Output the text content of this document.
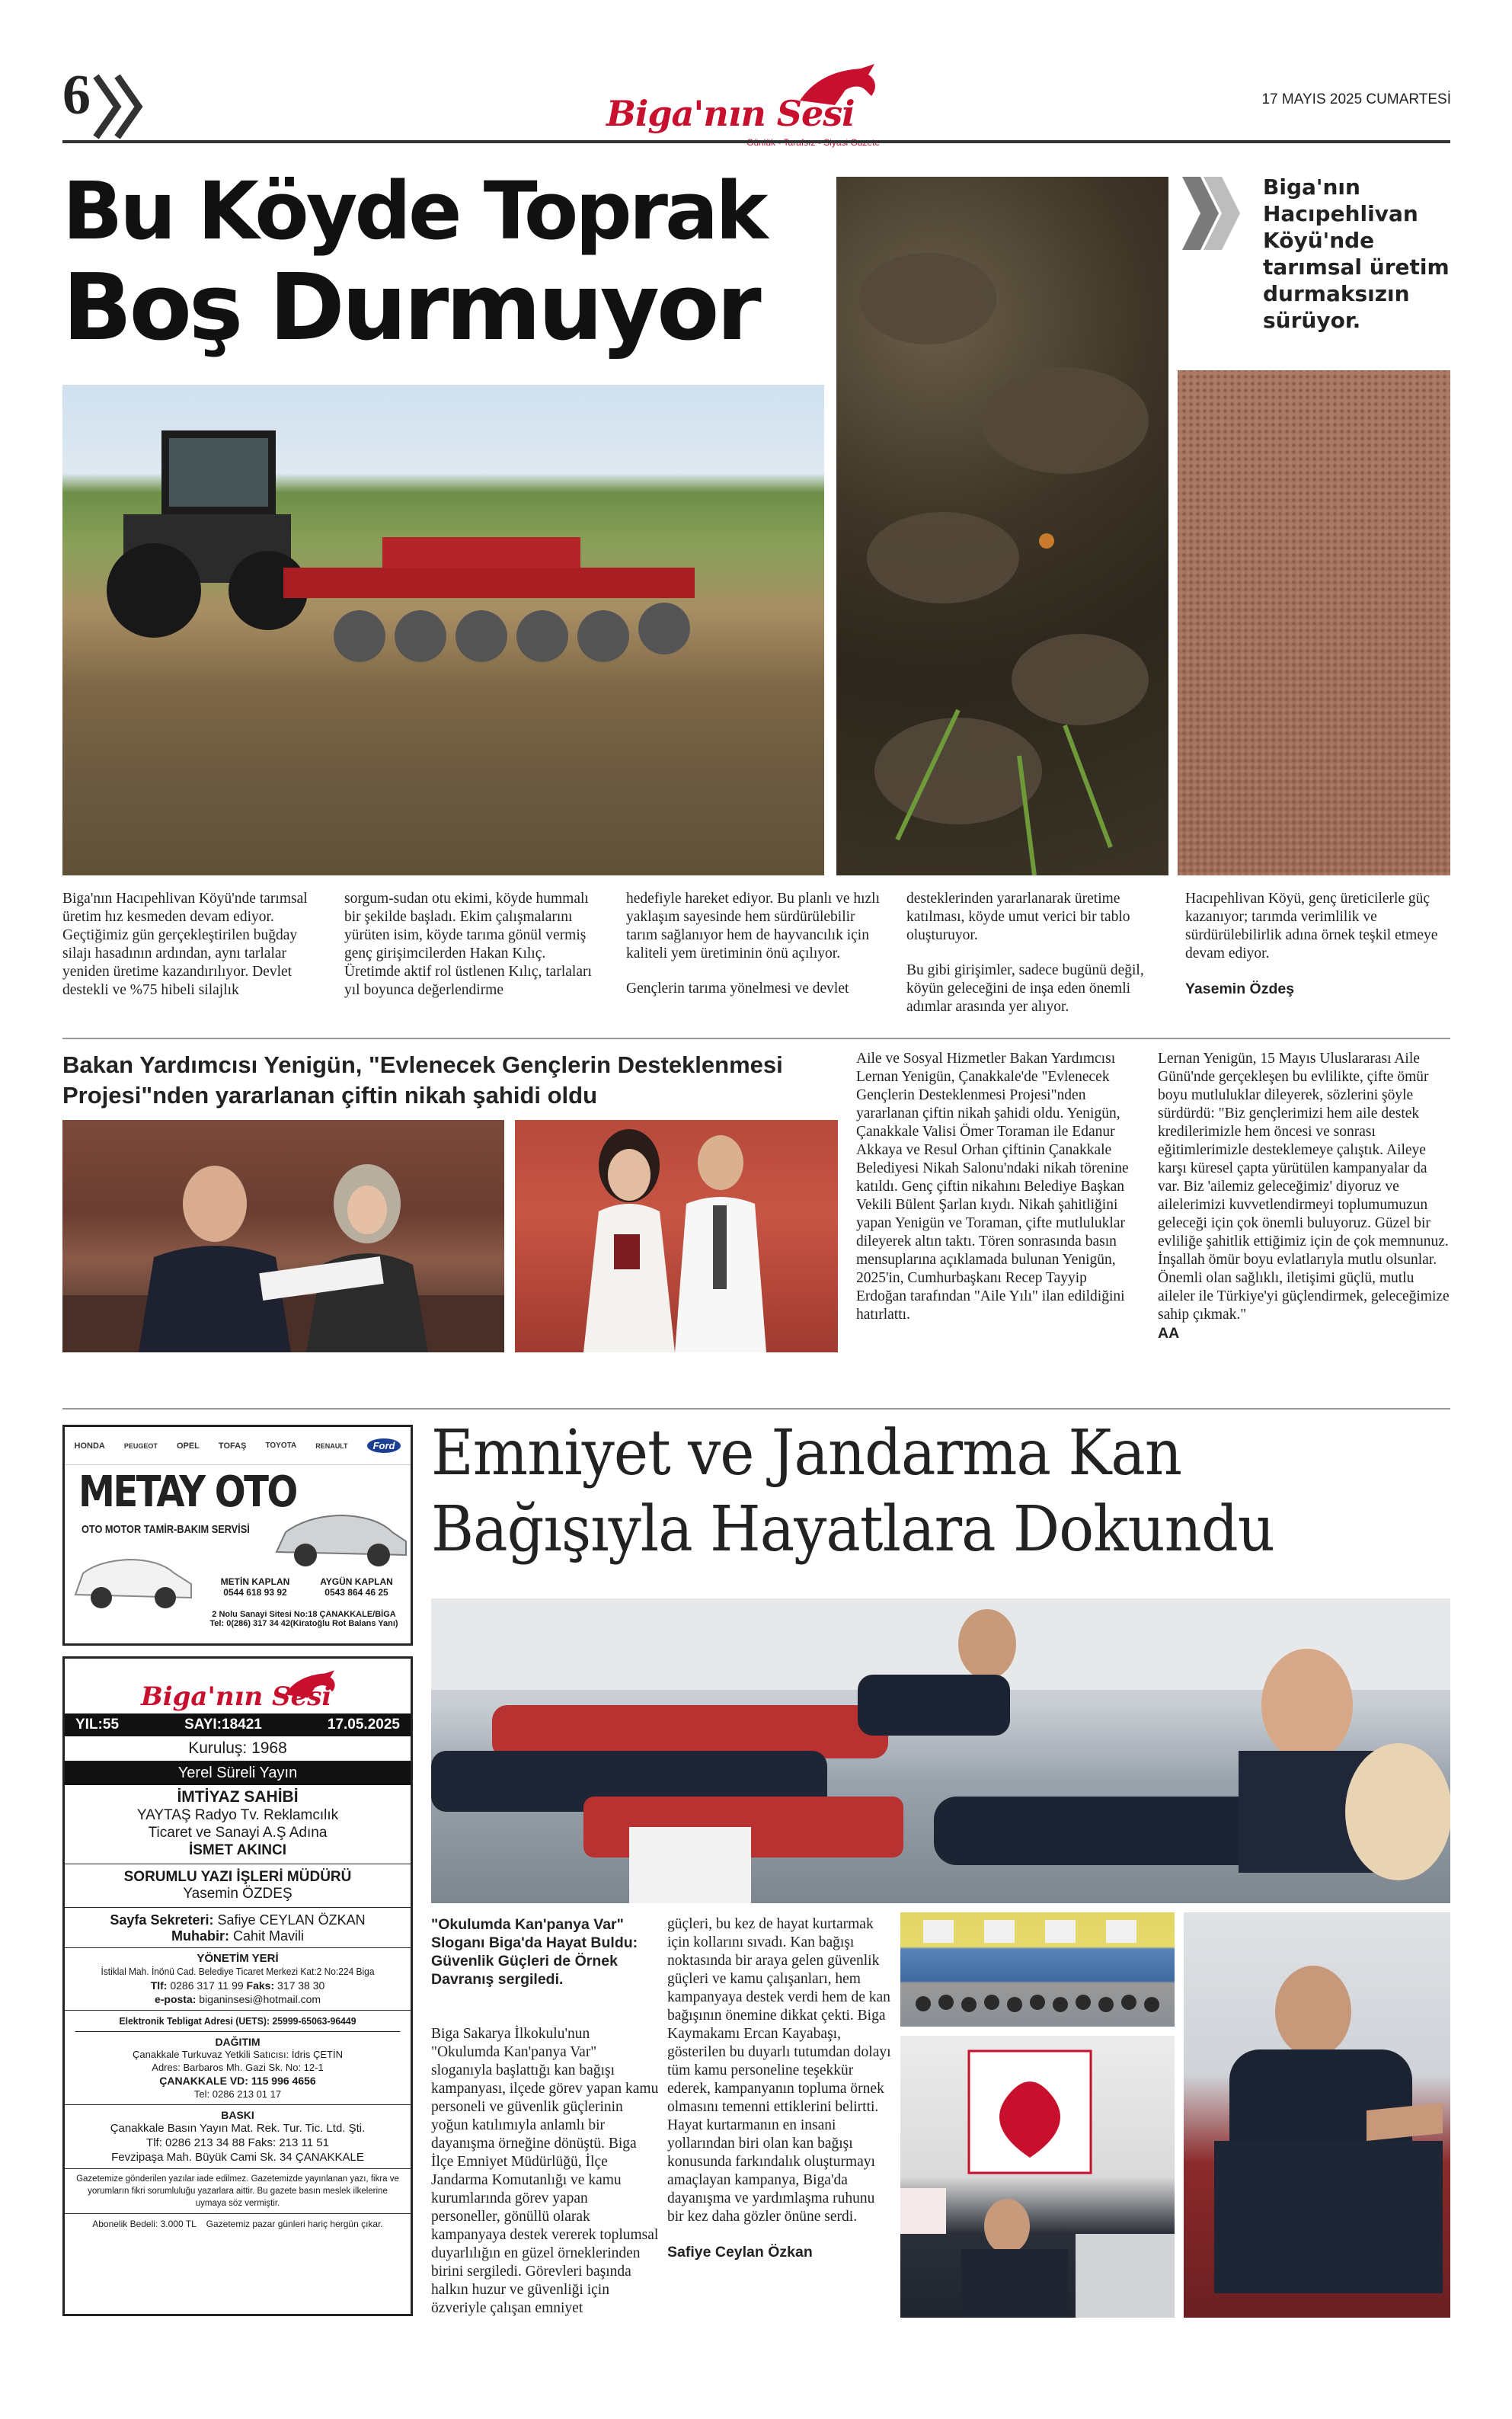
6	Biga'nın Sesi	17 MAYIS 2025 CUMARTESİ
Bu Köyde Toprak
Boş Durmuyor
Biga'nın Hacıpehlivan Köyü'nde tarımsal üretim durmaksızın sürüyor.
Biga'nın Hacıpehlivan Köyü'nde tarımsal üretim hız kesmeden devam ediyor. Geçtiğimiz gün gerçekleştirilen buğday silajı hasadının ardından, aynı tarlalar yeniden üretime kazandırılıyor. Devlet destekli ve %75 hibeli silajlık
sorgum-sudan otu ekimi, köyde hummalı bir şekilde başladı. Ekim çalışmalarını yürüten isim, köyde tarıma gönül vermiş genç girişimcilerden Hakan Kılıç. Üretimde aktif rol üstlenen Kılıç, tarlaları yıl boyunca değerlendirme

hedefiyle hareket ediyor. Bu planlı ve hızlı yaklaşım sayesinde hem sürdürülebilir tarım sağlanıyor hem de hayvancılık için kaliteli yem üretiminin önü açılıyor.

Gençlerin tarıma yönelmesi ve devlet

desteklerinden yararlanarak üretime katılması, köyde umut verici bir tablo oluşturuyor.

Bu gibi girişimler, sadece bugünü değil, köyün geleceğini de inşa eden önemli adımlar arasında yer alıyor.

Hacıpehlivan Köyü, genç üreticilerle güç kazanıyor; tarımda verimlilik ve sürdürülebilirlik adına örnek teşkil etmeye devam ediyor.

Yasemin Özdeş

Bakan Yardımcısı Yenigün, "Evlenecek Gençlerin Desteklenmesi Projesi"nden yararlanan çiftin nikah şahidi oldu
Aile ve Sosyal Hizmetler Bakan Yardımcısı Lernan Yenigün, Çanakkale'de "Evlenecek Gençlerin Desteklenmesi Projesi"nden yararlanan çiftin nikah şahidi oldu. Yenigün, Çanakkale Valisi Ömer Toraman ile Edanur Akkaya ve Resul Orhan çiftinin Çanakkale Belediyesi Nikah Salonu'ndaki nikah törenine katıldı. Genç çiftin nikahını Belediye Başkan Vekili Bülent Şarlan kıydı. Nikah şahitliğini yapan Yenigün ve Toraman, çifte mutluluklar dileyerek altın taktı. Tören sonrasında basın mensuplarına açıklamada bulunan Yenigün, 2025'in, Cumhurbaşkanı Recep Tayyip Erdoğan tarafından "Aile Yılı" ilan edildiğini hatırlattı.

Lernan Yenigün, 15 Mayıs Uluslararası Aile Günü'nde gerçekleşen bu evlilikte, çifte ömür boyu mutluluklar dileyerek, sözlerini şöyle sürdürdü: "Biz gençlerimizi hem aile destek kredilerimizle hem öncesi ve sonrası eğitimlerimizle desteklemeye çalıştık. Aileye karşı küresel çapta yürütülen kampanyalar da var. Biz 'ailemiz geleceğimiz' diyoruz ve ailelerimizi kuvvetlendirmeyi toplumumuzun geleceği için çok önemli buluyoruz. Güzel bir evliliğe şahitlik ettiğimiz için de çok memnunuz. İnşallah ömür boyu evlatlarıyla mutlu olsunlar. Önemli olan sağlıklı, iletişimi güçlü, mutlu aileler ile Türkiye'yi güçlendirmek, geleceğimize sahip çıkmak."

AA

HONDA	PEUGEOT OPEL TOFAŞ	TOYOTA	RENAULT	Ford
METAY OTO
OTO MOTOR TAMİR-BAKIM SERVİSİ
METİN KAPLAN
0544 618 93 92
AYGÜN KAPLAN
0543 864 46 25
2 Nolu Sanayi Sitesi No:18 ÇANAKKALE/BİGA
Tel: 0(286) 317 34 42(Kiratoğlu Rot Balans Yanı)
Biga'nın Sesi
YIL:55	SAYI:18421	17.05.2025
Kuruluş: 1968
Yerel Süreli Yayın
İMTİYAZ SAHİBİ
YAYTAŞ Radyo Tv. Reklamcılık
Ticaret ve Sanayi A.Ş Adına
İSMET AKINCI
SORUMLU YAZI İŞLERİ MÜDÜRÜ
Yasemin ÖZDEŞ
Sayfa Sekreteri: Safiye CEYLAN ÖZKAN
Muhabir: Cahit Mavili
YÖNETİM YERİ
İstiklal Mah. İnönü Cad. Belediye Ticaret Merkezi Kat:2 No:224 Biga
Tlf: 0286 317 11 99 Faks: 317 38 30
e-posta: biganinsesi@hotmail.com
Elektronik Tebligat Adresi (UETS): 25999-65063-96449
DAĞITIM
Çanakkale Turkuvaz Yetkili Satıcısı: İdris ÇETİN
Adres: Barbaros Mh. Gazi Sk. No: 12-1
ÇANAKKALE VD: 115 996 4656
Tel: 0286 213 01 17
BASKI
Çanakkale Basın Yayın Mat. Rek. Tur. Tic. Ltd. Şti.
Tlf: 0286 213 34 88 Faks: 213 11 51
Fevzipaşa Mah. Büyük Cami Sk. 34 ÇANAKKALE
Gazetemize gönderilen yazılar iade edilmez. Gazetemizde yayınlanan yazı, fikra ve yorumların fikri sorumluluğu yazarlara aittir. Bu gazete basın meslek ilkelerine uymaya söz vermiştir.
Abonelik Bedeli: 3.000 TL    Gazetemiz pazar günleri hariç hergün çıkar.
Emniyet ve Jandarma Kan
Bağışıyla Hayatlara Dokundu
"Okulumda Kan'panya Var" Sloganı Biga'da Hayat Buldu: Güvenlik Güçleri de Örnek Davranış sergiledi.
Biga Sakarya İlkokulu'nun "Okulumda Kan'panya Var" sloganıyla başlattığı kan bağışı kampanyası, ilçede görev yapan kamu personeli ve güvenlik güçlerinin yoğun katılımıyla anlamlı bir dayanışma örneğine dönüştü. Biga İlçe Emniyet Müdürlüğü, İlçe Jandarma Komutanlığı ve kamu kurumlarında görev yapan personeller, gönüllü olarak kampanyaya destek vererek toplumsal duyarlılığın en güzel örneklerinden birini sergiledi. Görevleri başında halkın huzur ve güvenliği için özveriyle çalışan emniyet

güçleri, bu kez de hayat kurtarmak için kollarını sıvadı. Kan bağışı noktasında bir araya gelen güvenlik güçleri ve kamu çalışanları, hem kampanyaya destek verdi hem de kan bağışının önemine dikkat çekti. Biga Kaymakamı Ercan Kayabaşı, gösterilen bu duyarlı tutumdan dolayı tüm kamu personeline teşekkür ederek, kampanyanın topluma örnek olmasını temenni ettiklerini belirtti. Hayat kurtarmanın en insani yollarından biri olan kan bağışı konusunda farkındalık oluşturmayı amaçlayan kampanya, Biga'da dayanışma ve yardımlaşma ruhunu bir kez daha gözler önüne serdi.

Safiye Ceylan Özkan
